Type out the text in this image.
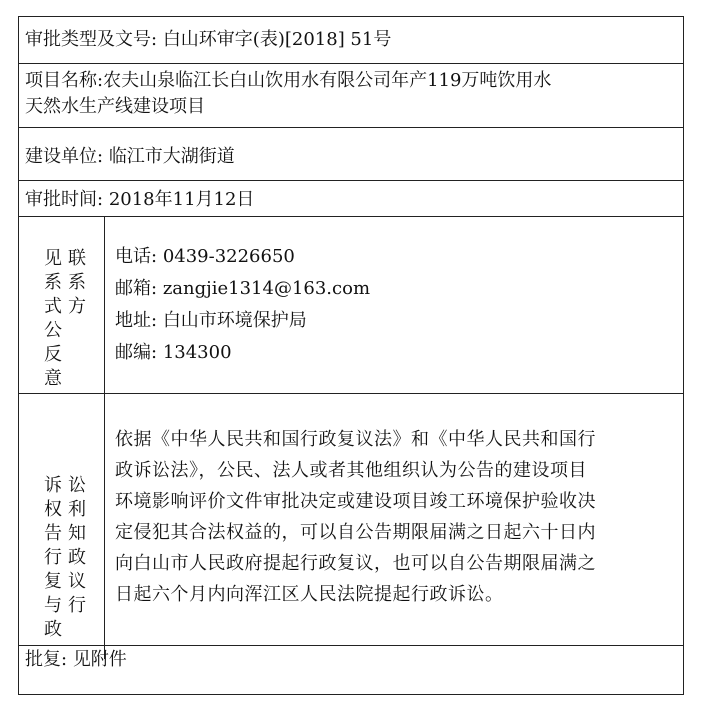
审批类型及文号: 白山环审字(表)[2018] 51号
项目名称:农夫山泉临江长白山饮用水有限公司年产119万吨饮用水
天然水生产线建设项目
建设单位: 临江市大湖街道
审批时间: 2018年11月12日
联
系
方
见
系
式
公
反
意
电话: 0439-3226650
邮箱: zangjie1314@163.com
地址: 白山市环境保护局
邮编: 134300
诉
权
告
行
复
与
政
讼
利
知
政
议
行
依据《中华人民共和国行政复议法》和《中华人民共和国行
政诉讼法》，公民、法人或者其他组织认为公告的建设项目
环境影响评价文件审批决定或建设项目竣工环境保护验收决
定侵犯其合法权益的，可以自公告期限届满之日起六十日内
向白山市人民政府提起行政复议，也可以自公告期限届满之
日起六个月内向浑江区人民法院提起行政诉讼。
批复: 见附件
